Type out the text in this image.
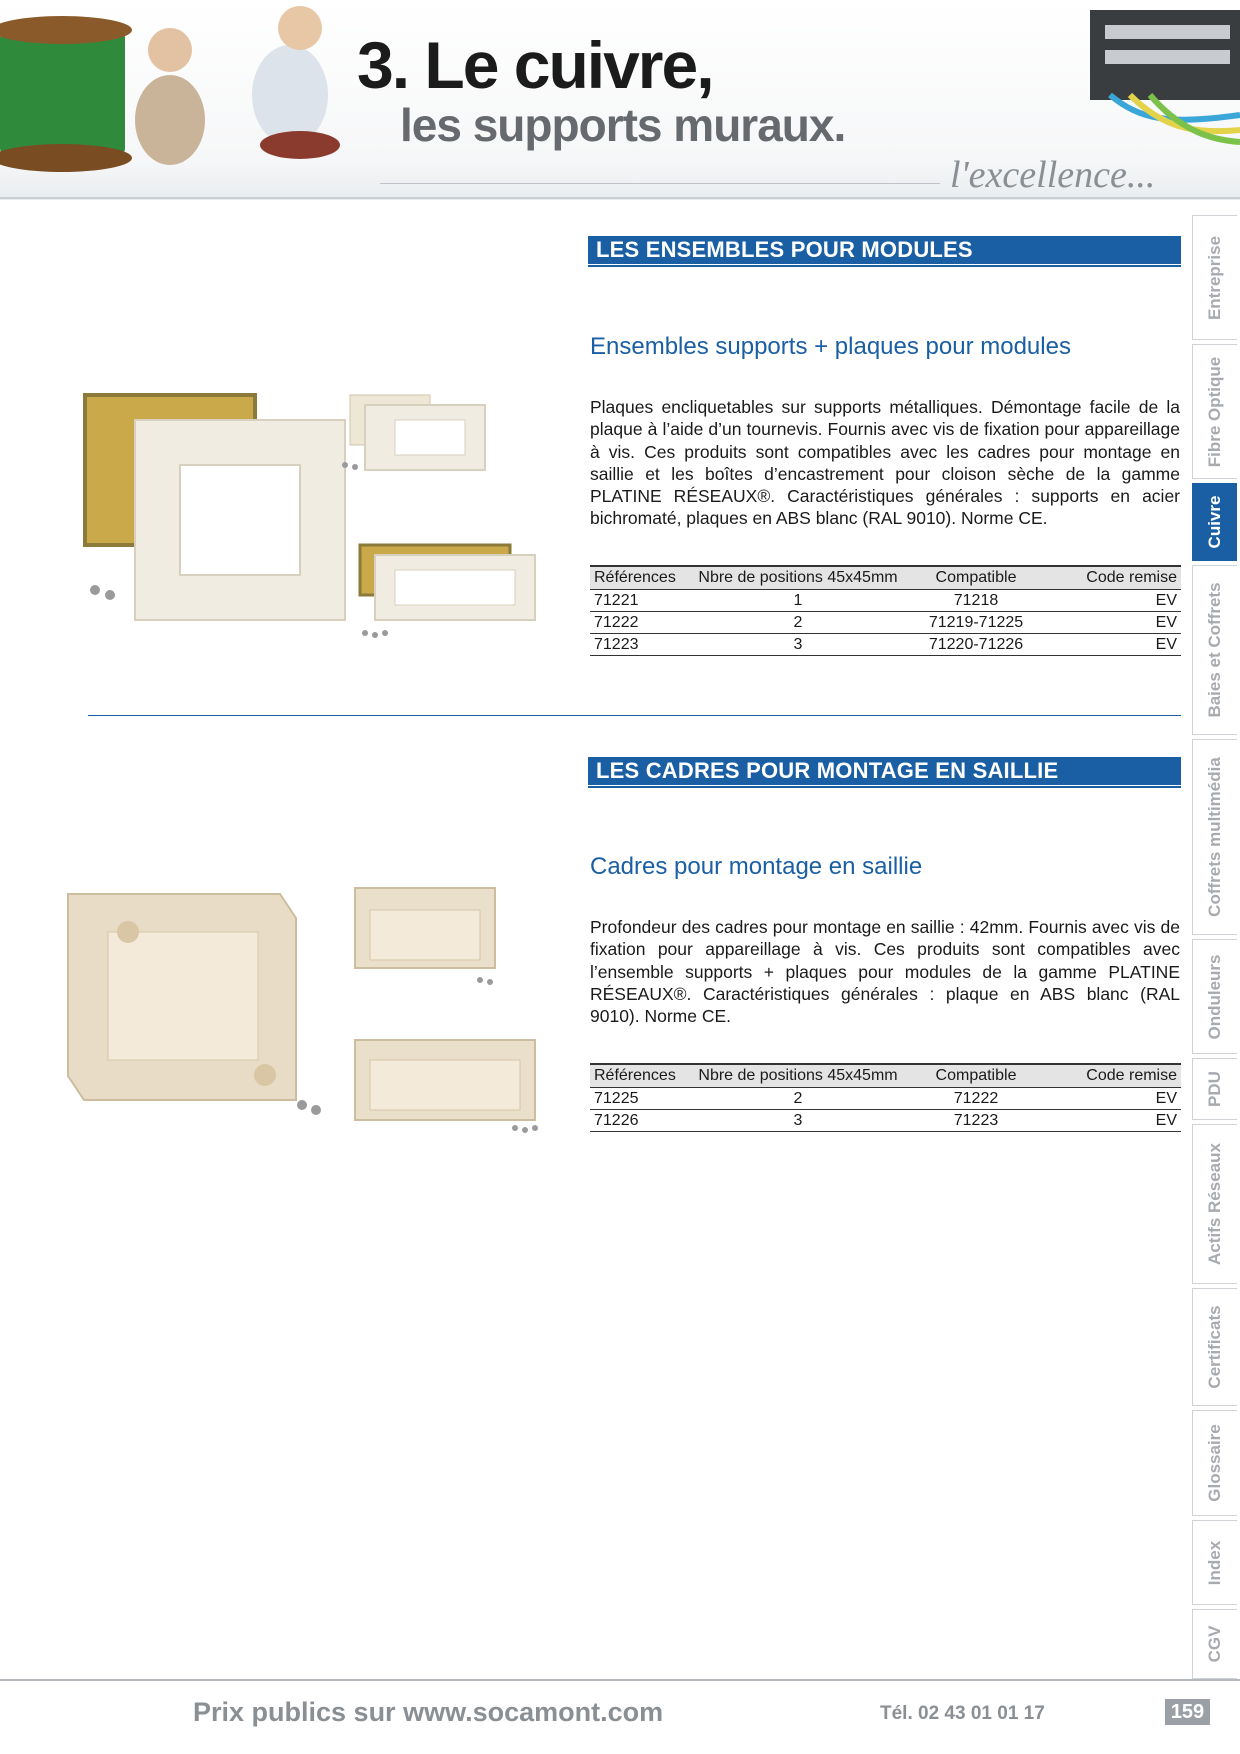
3. Le cuivre,
les supports muraux.
l'excellence...
LES ENSEMBLES POUR MODULES
Ensembles supports + plaques pour modules
Plaques encliquetables sur supports métalliques. Démontage facile de la plaque à l’aide d’un tournevis. Fournis avec vis de fixation pour appareillage à vis. Ces produits sont compatibles avec les cadres pour montage en saillie et les boîtes d’encastrement pour cloison sèche de la gamme PLATINE RÉSEAUX®. Caractéristiques générales : supports en acier bichromaté, plaques en ABS blanc (RAL 9010). Norme CE.
Références	Nbre de positions 45x45mm	Compatible	Code remise
71221	1	71218	EV
71222	2	71219-71225	EV
71223	3	71220-71226	EV
LES CADRES POUR MONTAGE EN SAILLIE
Cadres pour montage en saillie
Profondeur des cadres pour montage en saillie : 42mm. Fournis avec vis de fixation pour appareillage à vis. Ces produits sont compatibles avec l’ensemble supports + plaques pour modules de la gamme PLATINE RÉSEAUX®. Caractéristiques générales : plaque en ABS blanc (RAL 9010). Norme CE.
Références	Nbre de positions 45x45mm	Compatible	Code remise
71225	2	71222	EV
71226	3	71223	EV
Entreprise
Fibre Optique
Cuivre
Baies et Coffrets
Coffrets multimédia
Onduleurs
PDU
Actifs Réseaux
Certificats
Glossaire
Index
CGV
Prix publics sur www.socamont.com	Tél. 02 43 01 01 17	159
